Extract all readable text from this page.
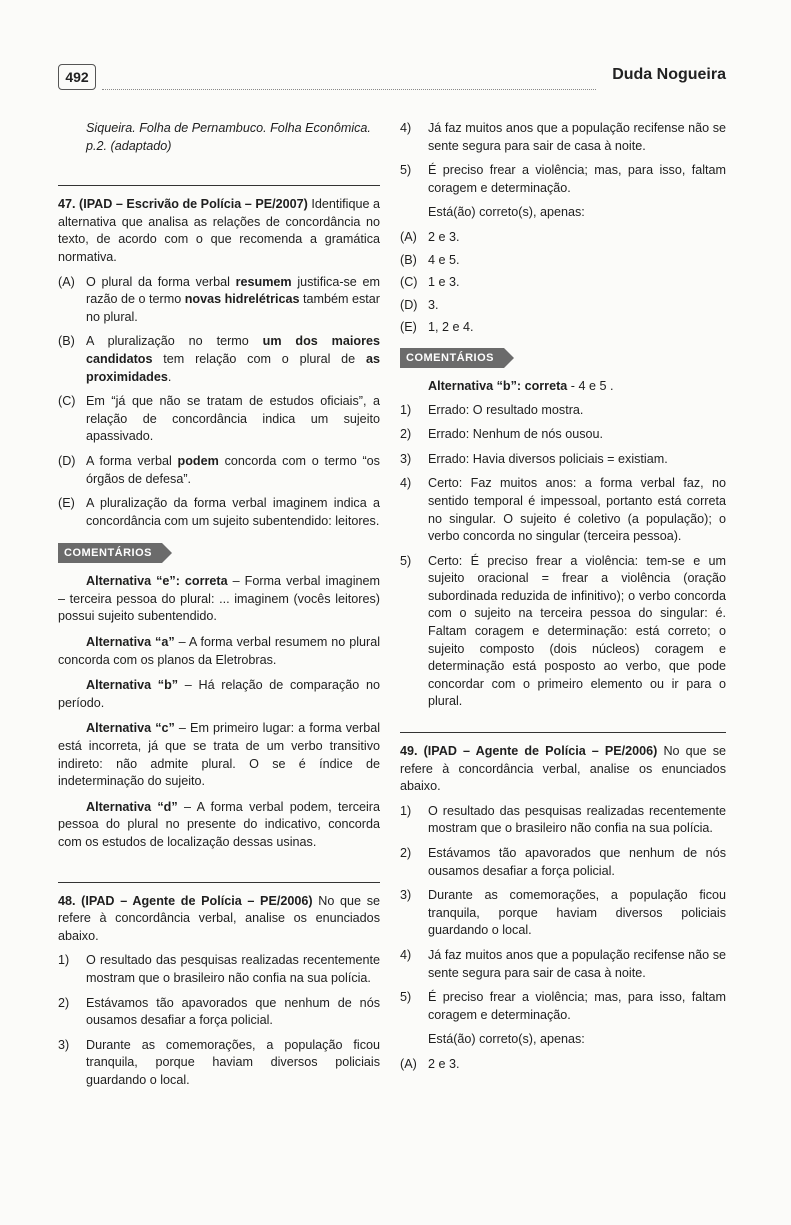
492	Duda Nogueira

Siqueira. Folha de Pernambuco. Folha Econômica. p.2. (adaptado)

47. (IPAD – Escrivão de Polícia – PE/2007) Identifique a alternativa que analisa as relações de concordância no texto, de acordo com o que recomenda a gramática normativa.

(A) O plural da forma verbal resumem justifica-se em razão de o termo novas hidrelétricas também estar no plural.
(B) A pluralização no termo um dos maiores candidatos tem relação com o plural de as proximidades.
(C) Em “já que não se tratam de estudos oficiais”, a relação de concordância indica um sujeito apassivado.
(D) A forma verbal podem concorda com o termo “os órgãos de defesa”.
(E) A pluralização da forma verbal imaginem indica a concordância com um sujeito subentendido: leitores.
COMENTÁRIOS

Alternativa “e”: correta – Forma verbal imaginem – terceira pessoa do plural: ... imaginem (vocês leitores) possui sujeito subentendido.

Alternativa “a” – A forma verbal resumem no plural concorda com os planos da Eletrobras.

Alternativa “b” – Há relação de comparação no período.

Alternativa “c” – Em primeiro lugar: a forma verbal está incorreta, já que se trata de um verbo transitivo indireto: não admite plural. O se é índice de indeterminação do sujeito.

Alternativa “d” – A forma verbal podem, terceira pessoa do plural no presente do indicativo, concorda com os estudos de localização dessas usinas.

48. (IPAD – Agente de Polícia – PE/2006) No que se refere à concordância verbal, analise os enunciados abaixo.

1)	O resultado das pesquisas realizadas recentemente mostram que o brasileiro não confia na sua polícia.
2)	Estávamos tão apavorados que nenhum de nós ousamos desafiar a força policial.
3)	Durante as comemorações, a população ficou tranquila, porque haviam diversos policiais guardando o local.
4)	Já faz muitos anos que a população recifense não se sente segura para sair de casa à noite.
5)	É preciso frear a violência; mas, para isso, faltam coragem e determinação.

Está(ão) correto(s), apenas:

(A) 2 e 3.
(B) 4 e 5.
(C) 1 e 3.
(D) 3.
(E) 1, 2 e 4.
COMENTÁRIOS

Alternativa “b”: correta - 4 e 5 .

1)	Errado: O resultado mostra.
2)	Errado: Nenhum de nós ousou.
3)	Errado: Havia diversos policiais = existiam.
4)	Certo: Faz muitos anos: a forma verbal faz, no sentido temporal é impessoal, portanto está correta no singular. O sujeito é coletivo (a população); o verbo concorda no singular (terceira pessoa).
5)	Certo: É preciso frear a violência: tem-se e um sujeito oracional = frear a violência (oração subordinada reduzida de infinitivo); o verbo concorda com o sujeito na terceira pessoa do singular: é. Faltam coragem e determinação: está correto; o sujeito composto (dois núcleos) coragem e determinação está posposto ao verbo, que pode concordar com o primeiro elemento ou ir para o plural.

49. (IPAD – Agente de Polícia – PE/2006) No que se refere à concordância verbal, analise os enunciados abaixo.

1)	O resultado das pesquisas realizadas recentemente mostram que o brasileiro não confia na sua polícia.
2)	Estávamos tão apavorados que nenhum de nós ousamos desafiar a força policial.
3)	Durante as comemorações, a população ficou tranquila, porque haviam diversos policiais guardando o local.
4)	Já faz muitos anos que a população recifense não se sente segura para sair de casa à noite.
5)	É preciso frear a violência; mas, para isso, faltam coragem e determinação.

Está(ão) correto(s), apenas:

(A) 2 e 3.
